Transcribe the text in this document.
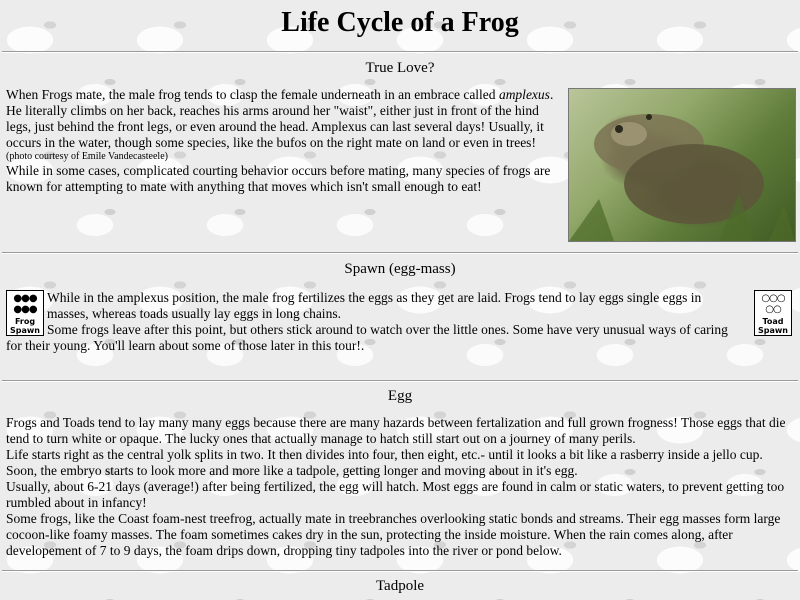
Life Cycle of a Frog
True Love?

When Frogs mate, the male frog tends to clasp the female underneath in an embrace called amplexus. He literally climbs on her back, reaches his arms around her "waist", either just in front of the hind legs, just behind the front legs, or even around the head. Amplexus can last several days! Usually, it occurs in the water, though some species, like the bufos on the right mate on land or even in trees!

(photo courtesy of Emile Vandecasteele)

While in some cases, complicated courting behavior occurs before mating, many species of frogs are known for attempting to mate with anything that moves which isn't small enough to eat!

Spawn (egg-mass)
●●●
●●●
Frog Spawn
○○○
○○
Toad Spawn

While in the amplexus position, the male frog fertilizes the eggs as they get are laid. Frogs tend to lay eggs single eggs in masses, whereas toads usually lay eggs in long chains.

Some frogs leave after this point, but others stick around to watch over the little ones. Some have very unusual ways of caring for their young. You'll learn about some of those later in this tour!.

Egg

Frogs and Toads tend to lay many many eggs because there are many hazards between fertalization and full grown frogness! Those eggs that die tend to turn white or opaque. The lucky ones that actually manage to hatch still start out on a journey of many perils.

Life starts right as the central yolk splits in two. It then divides into four, then eight, etc.- until it looks a bit like a rasberry inside a jello cup. Soon, the embryo starts to look more and more like a tadpole, getting longer and moving about in it's egg.

Usually, about 6-21 days (average!) after being fertilized, the egg will hatch. Most eggs are found in calm or static waters, to prevent getting too rumbled about in infancy!

Some frogs, like the Coast foam-nest treefrog, actually mate in treebranches overlooking static bonds and streams. Their egg masses form large cocoon-like foamy masses. The foam sometimes cakes dry in the sun, protecting the inside moisture. When the rain comes along, after developement of 7 to 9 days, the foam drips down, dropping tiny tadpoles into the river or pond below.

Tadpole
